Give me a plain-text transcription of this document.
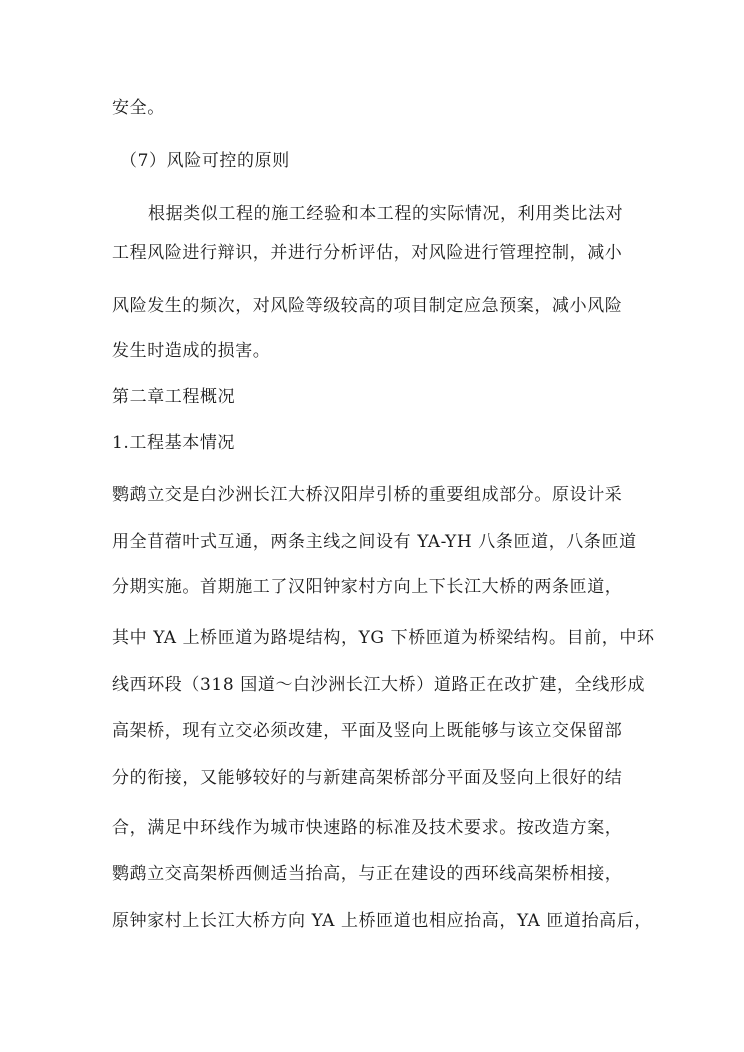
安全。
（7）风险可控的原则
根据类似工程的施工经验和本工程的实际情况，利用类比法对
工程风险进行辩识，并进行分析评估，对风险进行管理控制，减小
风险发生的频次，对风险等级较高的项目制定应急预案，减小风险
发生时造成的损害。
第二章工程概况
1.工程基本情况
鹦鹉立交是白沙洲长江大桥汉阳岸引桥的重要组成部分。原设计采
用全苜蓿叶式互通，两条主线之间设有 YA-YH 八条匝道，八条匝道
分期实施。首期施工了汉阳钟家村方向上下长江大桥的两条匝道，
其中 YA 上桥匝道为路堤结构，YG 下桥匝道为桥梁结构。目前，中环
线西环段（318 国道～白沙洲长江大桥）道路正在改扩建，全线形成
高架桥，现有立交必须改建，平面及竖向上既能够与该立交保留部
分的衔接，又能够较好的与新建高架桥部分平面及竖向上很好的结
合，满足中环线作为城市快速路的标准及技术要求。按改造方案，
鹦鹉立交高架桥西侧适当抬高，与正在建设的西环线高架桥相接，
原钟家村上长江大桥方向 YA 上桥匝道也相应抬高，YA 匝道抬高后，
